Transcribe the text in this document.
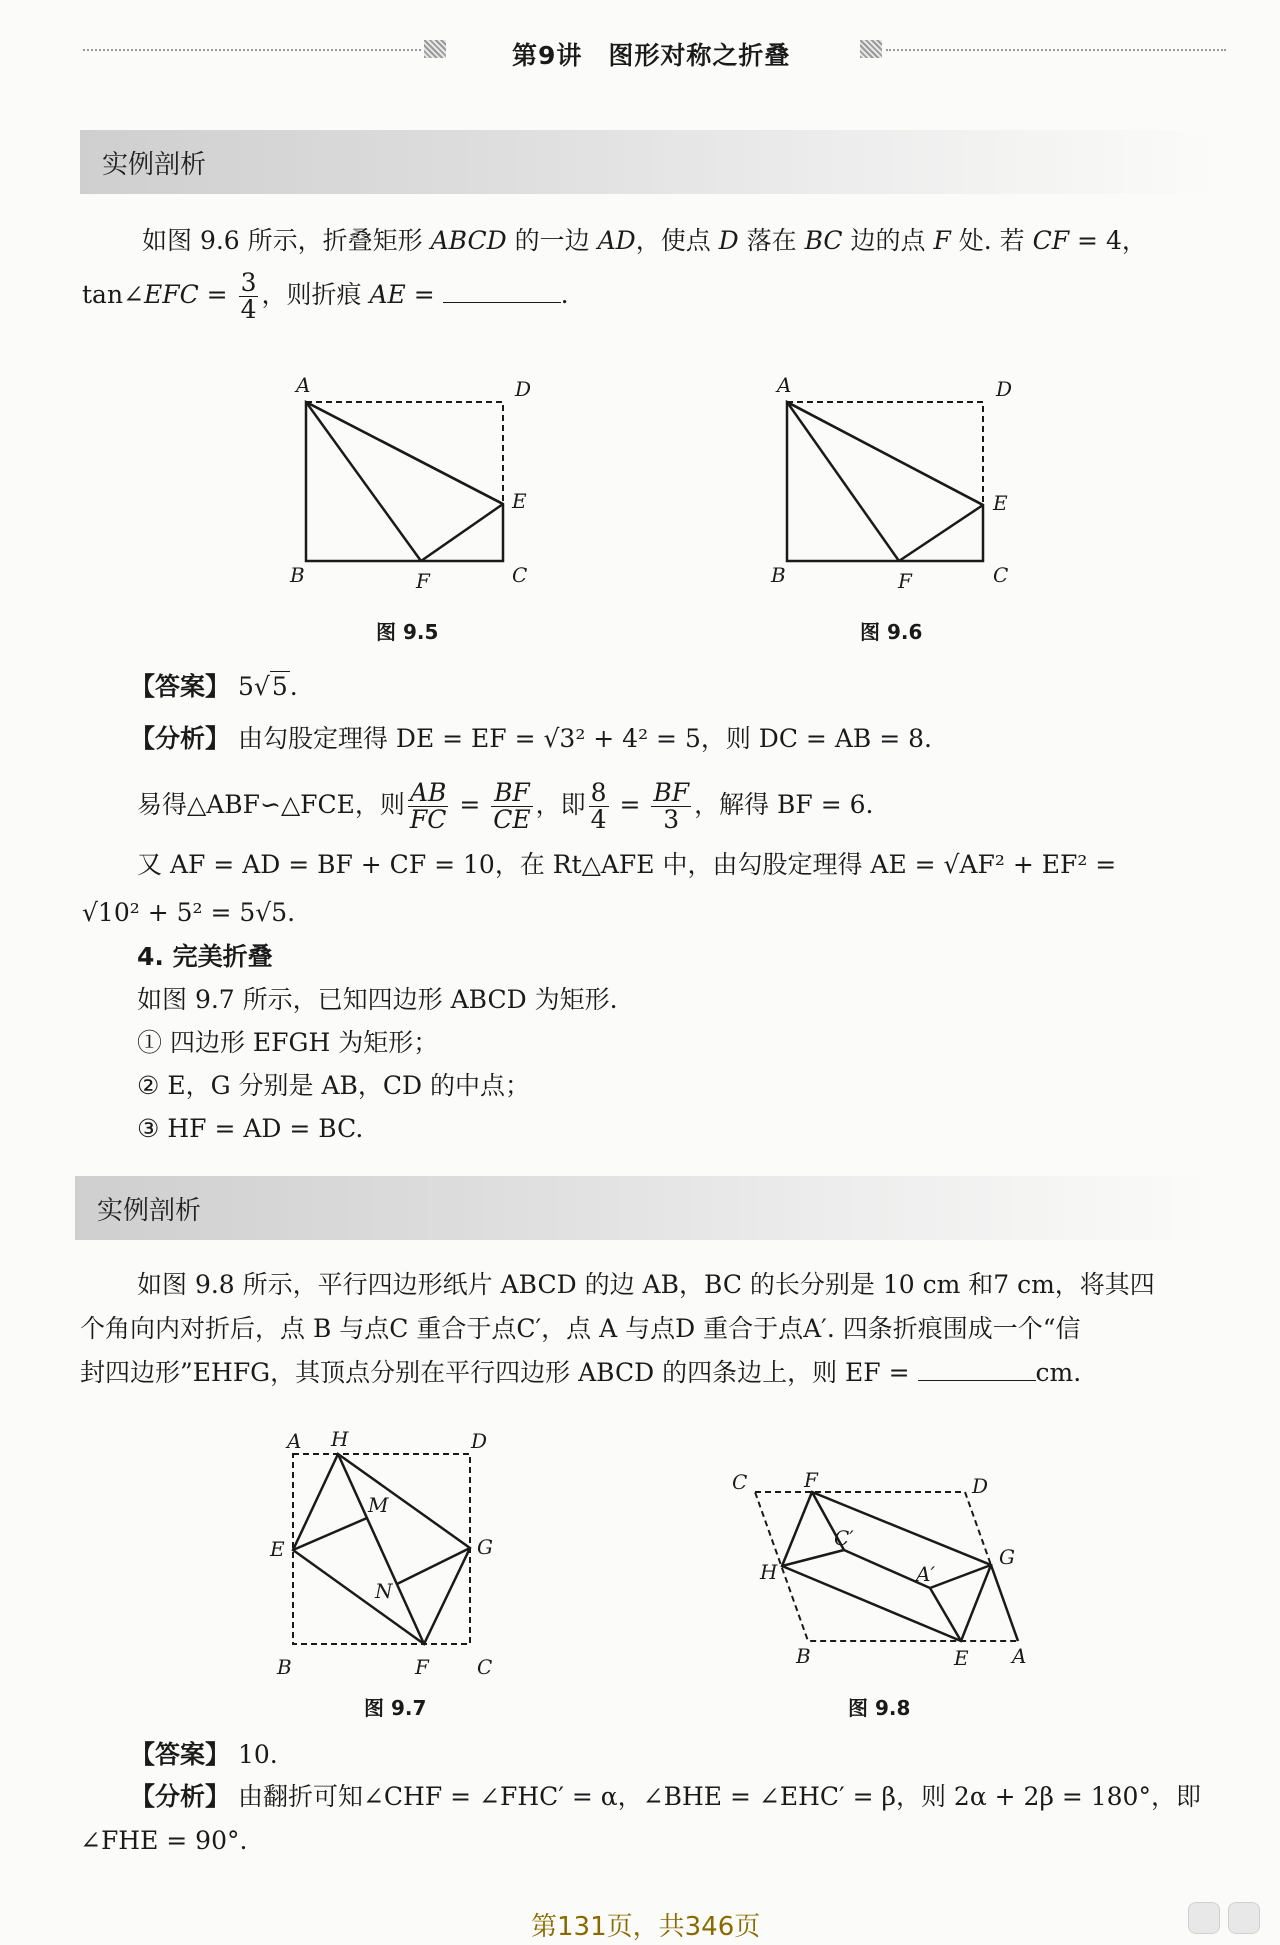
第9讲　图形对称之折叠
实例剖析
如图 9.6 所示，折叠矩形 ABCD 的一边 AD，使点 D 落在 BC 边的点 F 处. 若 CF = 4，
tan∠EFC = $\frac{3}{4}$ ，则折痕 AE =	.
A	D
E
B	F	C
图 9.5
A	D
E
B	F	C
图 9.6
【答案】 5√5.
【分析】 由勾股定理得 DE = EF = √3² + 4² = 5，则 DC = AB = 8.
易得△ABF∽△FCE，则 $\frac{AB}{FC} = \frac{BF}{CE}$ ，即 $\frac{8}{4} = \frac{BF}{3}$ ，解得 BF = 6.
又 AF = AD = BF + CF = 10，在 Rt△AFE 中，由勾股定理得 AE = √AF² + EF² =
√10² + 5² = 5√5.
4. 完美折叠
如图 9.7 所示，已知四边形 ABCD 为矩形.
① 四边形 EFGH 为矩形；
② E，G 分别是 AB，CD 的中点；
③ HF = AD = BC.
实例剖析
如图 9.8 所示，平行四边形纸片 ABCD 的边 AB，BC 的长分别是 10 cm 和7 cm，将其四
个角向内对折后，点 B 与点C 重合于点C′，点 A 与点D 重合于点A′. 四条折痕围成一个“信
封四边形”EHFG，其顶点分别在平行四边形 ABCD 的四条边上，则 EF =	cm.
A H	D
M
E	G
N
B	F C
图 9.7
C	F	D
C′
H	A′
G
B	E A
图 9.8
【答案】 10.
【分析】 由翻折可知∠CHF = ∠FHC′ = α，∠BHE = ∠EHC′ = β，则 2α + 2β = 180°，即
∠FHE = 90°.
第131页，共346页
